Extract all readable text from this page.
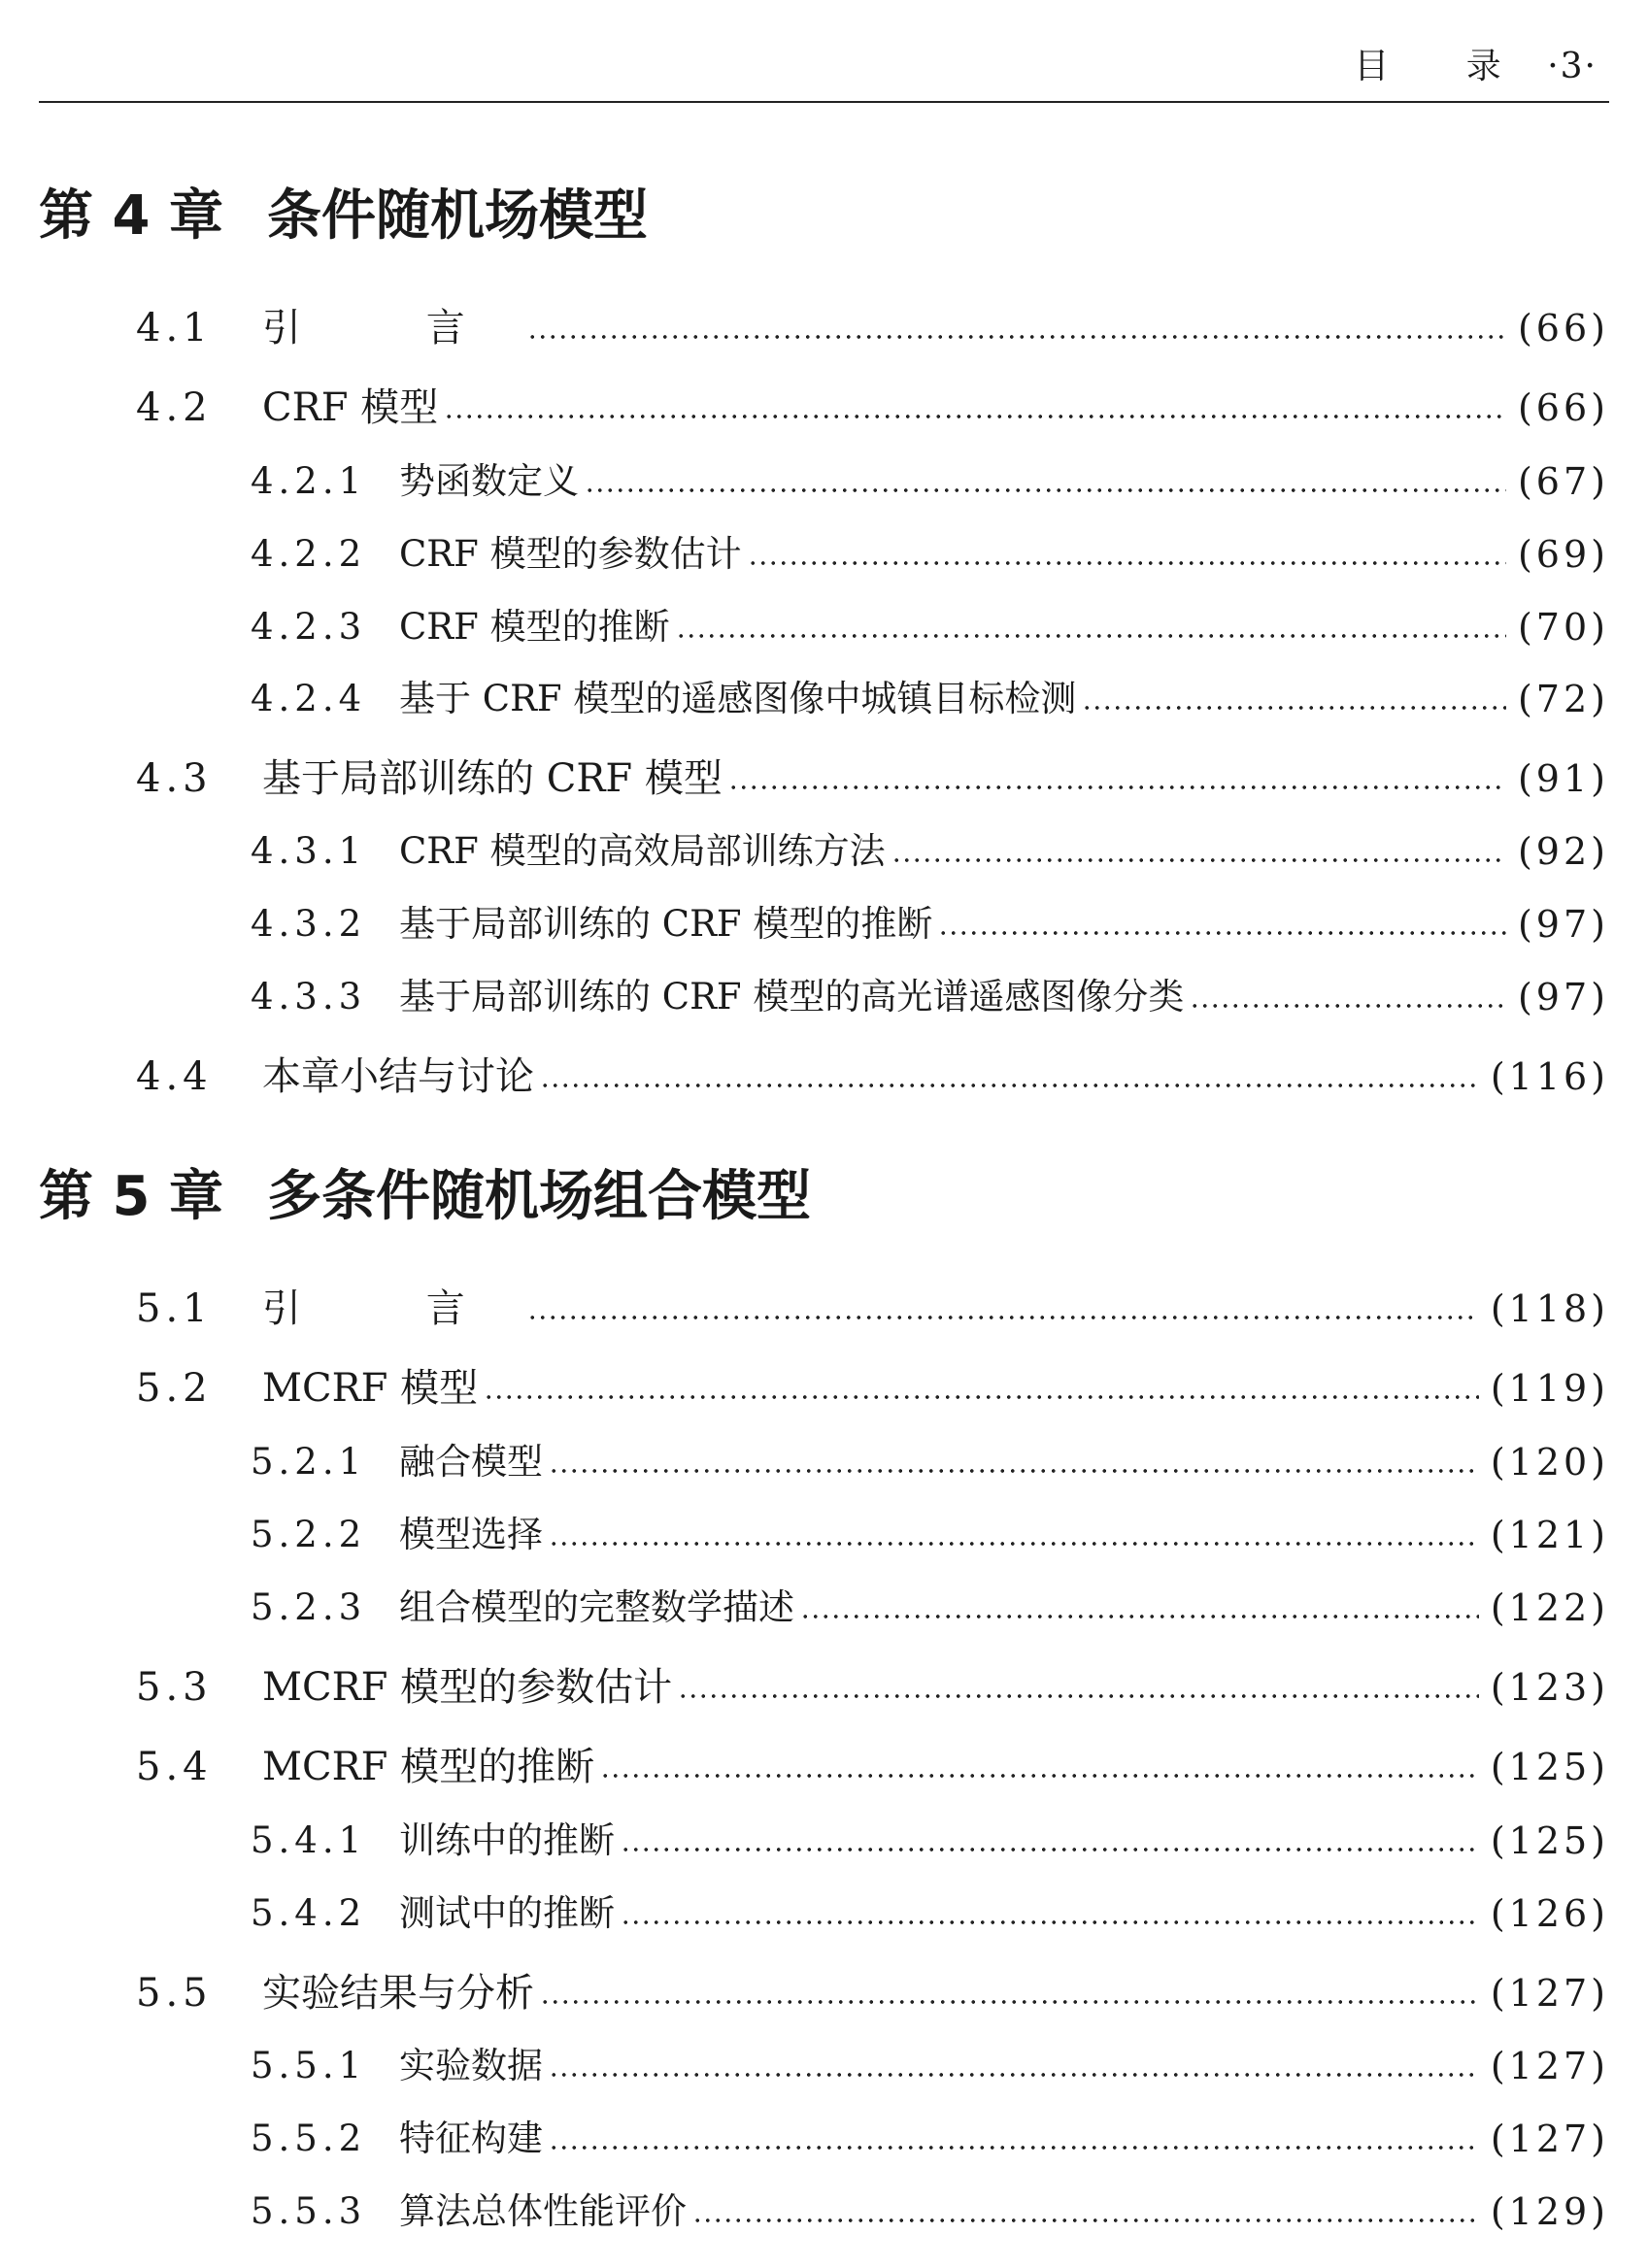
目 录 ·3·
第 4 章 条件随机场模型
4.1	引 言	(66)
4.2	CRF 模型	(66)
4.2.1 势函数定义	(67)
4.2.2 CRF 模型的参数估计	(69)
4.2.3 CRF 模型的推断	(70)
4.2.4 基于 CRF 模型的遥感图像中城镇目标检测	(72)
4.3	基于局部训练的 CRF 模型	(91)
4.3.1 CRF 模型的高效局部训练方法	(92)
4.3.2 基于局部训练的 CRF 模型的推断	(97)
4.3.3 基于局部训练的 CRF 模型的高光谱遥感图像分类	(97)
4.4	本章小结与讨论	(116)
第 5 章 多条件随机场组合模型
5.1	引 言	(118)
5.2	MCRF 模型	(119)
5.2.1 融合模型	(120)
5.2.2 模型选择	(121)
5.2.3 组合模型的完整数学描述	(122)
5.3	MCRF 模型的参数估计	(123)
5.4	MCRF 模型的推断	(125)
5.4.1 训练中的推断	(125)
5.4.2 测试中的推断	(126)
5.5	实验结果与分析	(127)
5.5.1 实验数据	(127)
5.5.2 特征构建	(127)
5.5.3 算法总体性能评价	(129)
